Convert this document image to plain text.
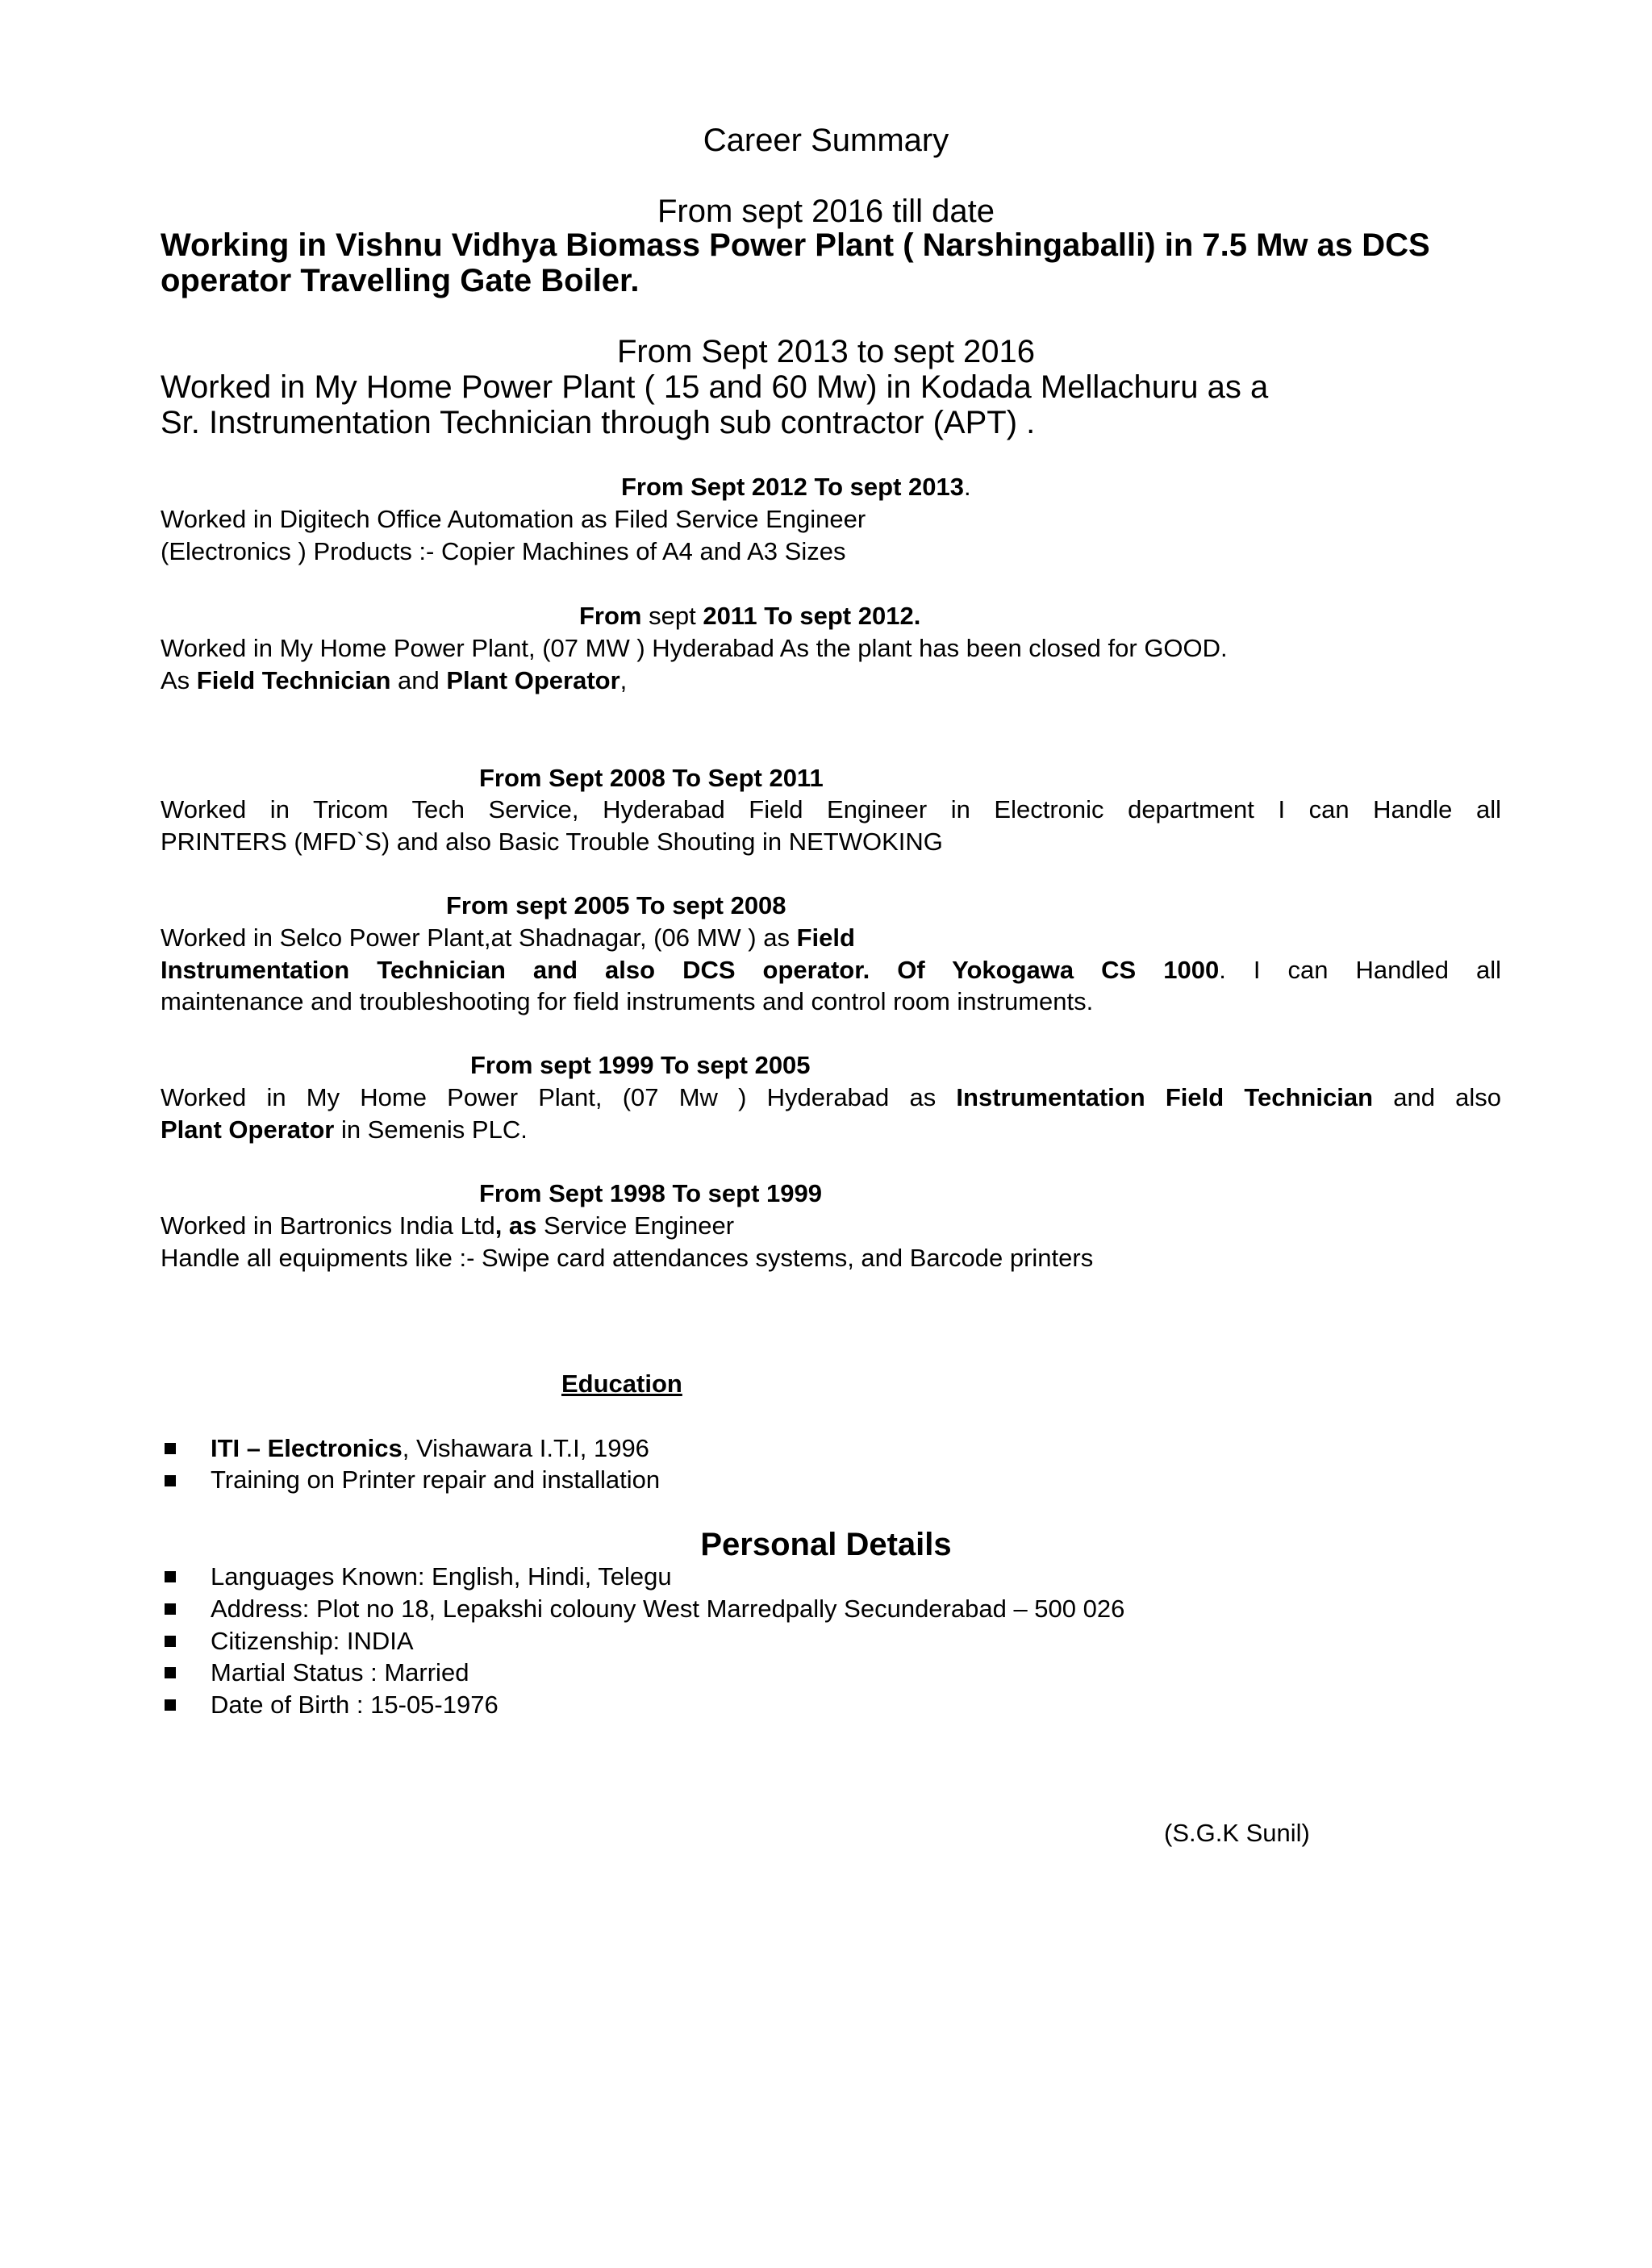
Career Summary
From sept 2016 till date
Working in Vishnu Vidhya Biomass Power Plant ( Narshingaballi) in 7.5 Mw as DCS
operator Travelling Gate Boiler.
From Sept 2013 to sept 2016
Worked in My Home Power Plant ( 15 and 60 Mw) in Kodada Mellachuru as a
Sr. Instrumentation Technician through sub contractor (APT) .
From Sept 2012 To sept 2013.
Worked in Digitech Office Automation as Filed Service Engineer
(Electronics ) Products :- Copier Machines of A4 and A3 Sizes
From sept 2011 To sept 2012.
Worked in My Home Power Plant, (07 MW ) Hyderabad As the plant has been closed for GOOD.
As Field Technician and Plant Operator,
From Sept 2008 To Sept 2011
Worked in Tricom Tech Service, Hyderabad Field Engineer in Electronic department I can Handle all
PRINTERS (MFD`S) and also Basic Trouble Shouting in NETWOKING
From sept 2005 To sept 2008
Worked in Selco Power Plant,at Shadnagar, (06 MW ) as Field
Instrumentation Technician and also DCS operator. Of Yokogawa CS 1000. I can Handled all
maintenance and troubleshooting for field instruments and control room instruments.
From sept 1999 To sept 2005
Worked in My Home Power Plant, (07 Mw ) Hyderabad as Instrumentation Field Technician and also
Plant Operator in Semenis PLC.
From Sept 1998 To sept 1999
Worked in Bartronics India Ltd, as Service Engineer
Handle all equipments like :- Swipe card attendances systems, and Barcode printers
Education
ITI – Electronics, Vishawara I.T.I, 1996
Training on Printer repair and installation
Personal Details
Languages Known: English, Hindi, Telegu
Address: Plot no 18, Lepakshi colouny West Marredpally Secunderabad – 500 026
Citizenship: INDIA
Martial Status : Married
Date of Birth : 15-05-1976
(S.G.K Sunil)
